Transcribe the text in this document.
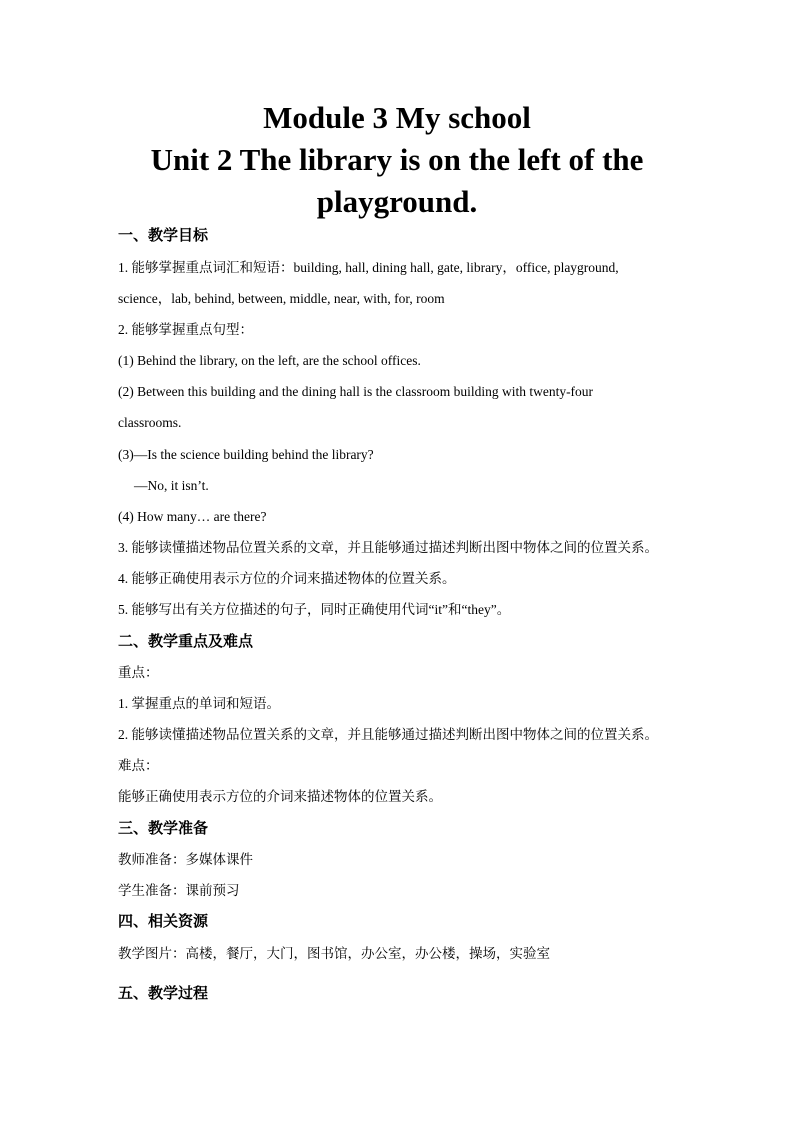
Module 3 My school
Unit 2 The library is on the left of the
playground.
一、教学目标
1. 能够掌握重点词汇和短语：building, hall, dining hall, gate, library，office, playground,
science，lab, behind, between, middle, near, with, for, room
2. 能够掌握重点句型：
(1) Behind the library, on the left, are the school offices.
(2) Between this building and the dining hall is the classroom building with twenty-four
classrooms.
(3)—Is the science building behind the library?
—No, it isn’t.
(4) How many… are there?
3. 能够读懂描述物品位置关系的文章，并且能够通过描述判断出图中物体之间的位置关系。
4. 能够正确使用表示方位的介词来描述物体的位置关系。
5. 能够写出有关方位描述的句子，同时正确使用代词“it”和“they”。
二、教学重点及难点
重点：
1. 掌握重点的单词和短语。
2. 能够读懂描述物品位置关系的文章，并且能够通过描述判断出图中物体之间的位置关系。
难点：
能够正确使用表示方位的介词来描述物体的位置关系。
三、教学准备
教师准备：多媒体课件
学生准备：课前预习
四、相关资源
教学图片：高楼，餐厅，大门，图书馆，办公室，办公楼，操场，实验室
五、教学过程
